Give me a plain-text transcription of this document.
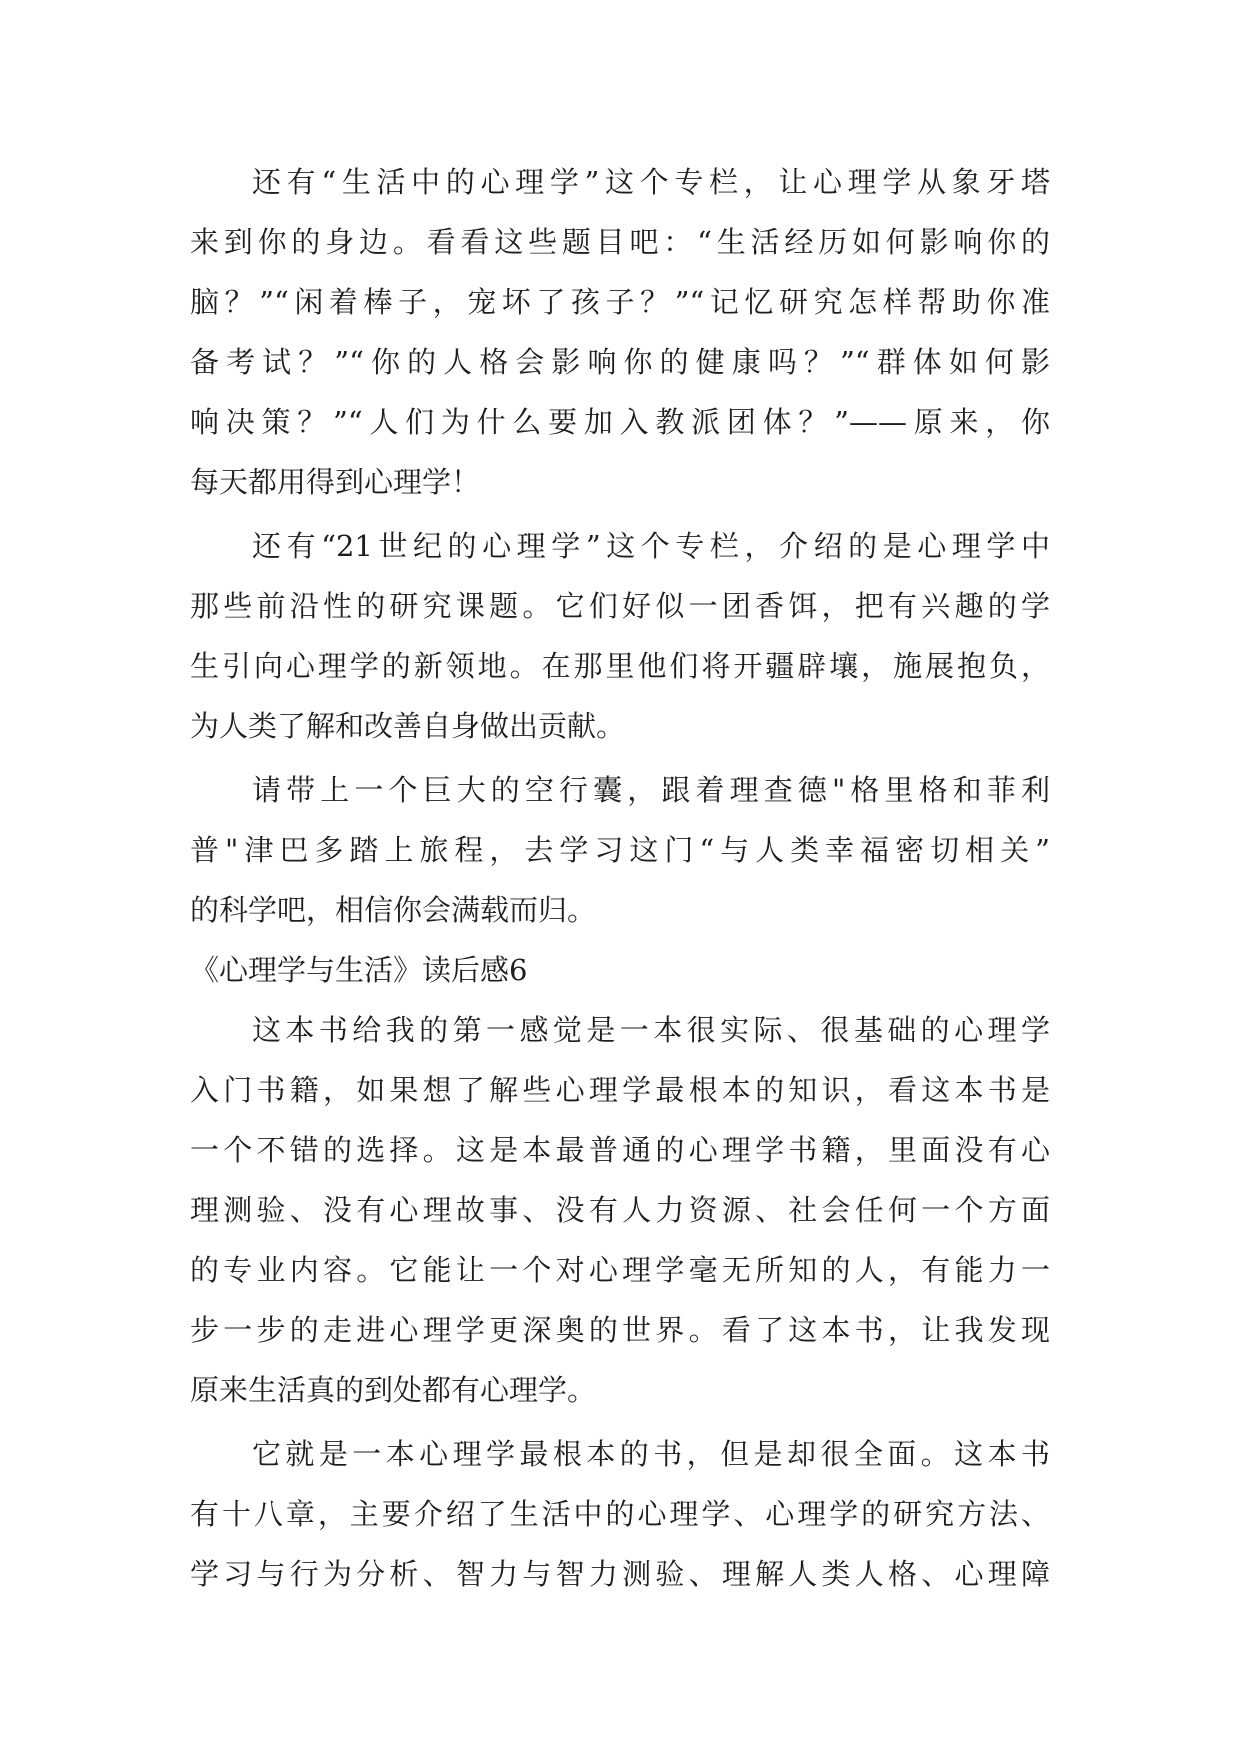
还有“生活中的心理学”这个专栏，让心理学从象牙塔
来到你的身边。看看这些题目吧：“生活经历如何影响你的
脑？”“闲着棒子，宠坏了孩子？”“记忆研究怎样帮助你准
备考试？”“你的人格会影响你的健康吗？”“群体如何影
响决策？”“人们为什么要加入教派团体？”——原来，你
每天都用得到心理学！
还有“21世纪的心理学”这个专栏，介绍的是心理学中
那些前沿性的研究课题。它们好似一团香饵，把有兴趣的学
生引向心理学的新领地。在那里他们将开疆辟壤，施展抱负，
为人类了解和改善自身做出贡献。
请带上一个巨大的空行囊，跟着理查德"格里格和菲利
普"津巴多踏上旅程，去学习这门“与人类幸福密切相关”
的科学吧，相信你会满载而归。
《心理学与生活》读后感6
这本书给我的第一感觉是一本很实际、很基础的心理学
入门书籍，如果想了解些心理学最根本的知识，看这本书是
一个不错的选择。这是本最普通的心理学书籍，里面没有心
理测验、没有心理故事、没有人力资源、社会任何一个方面
的专业内容。它能让一个对心理学毫无所知的人，有能力一
步一步的走进心理学更深奥的世界。看了这本书，让我发现
原来生活真的到处都有心理学。
它就是一本心理学最根本的书，但是却很全面。这本书
有十八章，主要介绍了生活中的心理学、心理学的研究方法、
学习与行为分析、智力与智力测验、理解人类人格、心理障
